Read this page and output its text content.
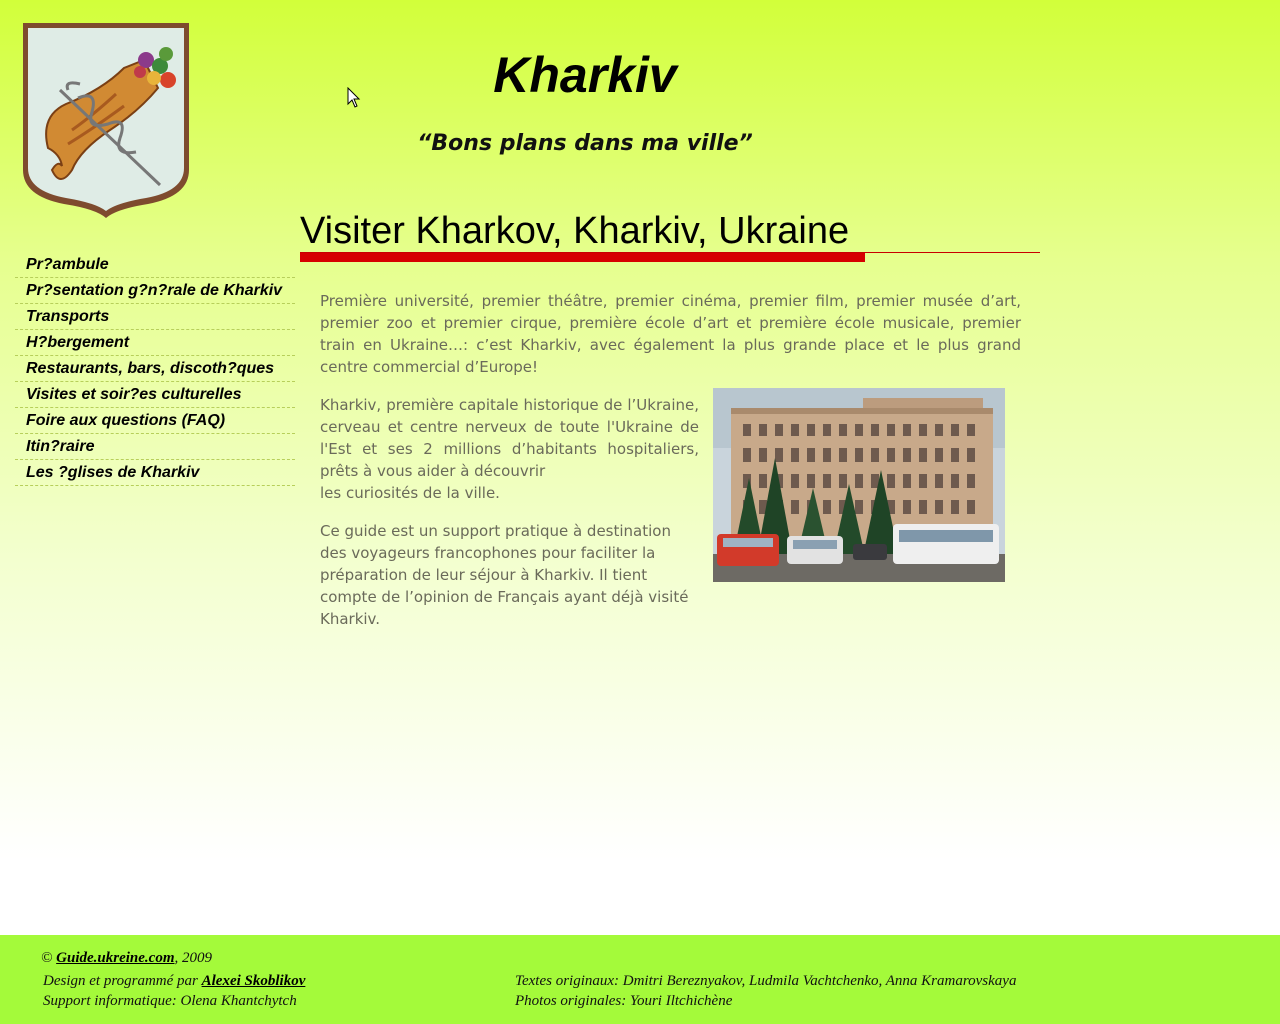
Kharkiv
“Bons plans dans ma ville”
Pr?ambule
Pr?sentation g?n?rale de Kharkiv
Transports
H?bergement
Restaurants, bars, discoth?ques
Visites et soir?es culturelles
Foire aux questions (FAQ)
Itin?raire
Les ?glises de Kharkiv
Visiter Kharkov, Kharkiv, Ukraine

Première université, premier théâtre, premier cinéma, premier film, premier musée d’art, premier zoo et premier cirque, première école d’art et première école musicale, premier train en Ukraine…: c’est Kharkiv, avec également la plus grande place et le plus grand centre commercial d’Europe!

Kharkiv, première capitale historique de l’Ukraine, cerveau et centre nerveux de toute l'Ukraine de l'Est et ses 2 millions d’habitants hospitaliers, prêts à vous aider à découvrir
les curiosités de la ville.

Ce guide est un support pratique à destination des voyageurs francophones pour faciliter la préparation de leur séjour à Kharkiv. Il tient compte de l’opinion de Français ayant déjà visité Kharkiv.

© Guide.ukreine.com, 2009
Design et programmé par Alexei Skoblikov
Support informatique: Olena Khantchytch
Textes originaux: Dmitri Bereznyakov, Ludmila Vachtchenko, Anna Kramarovskaya
Photos originales: Youri Iltchichène
